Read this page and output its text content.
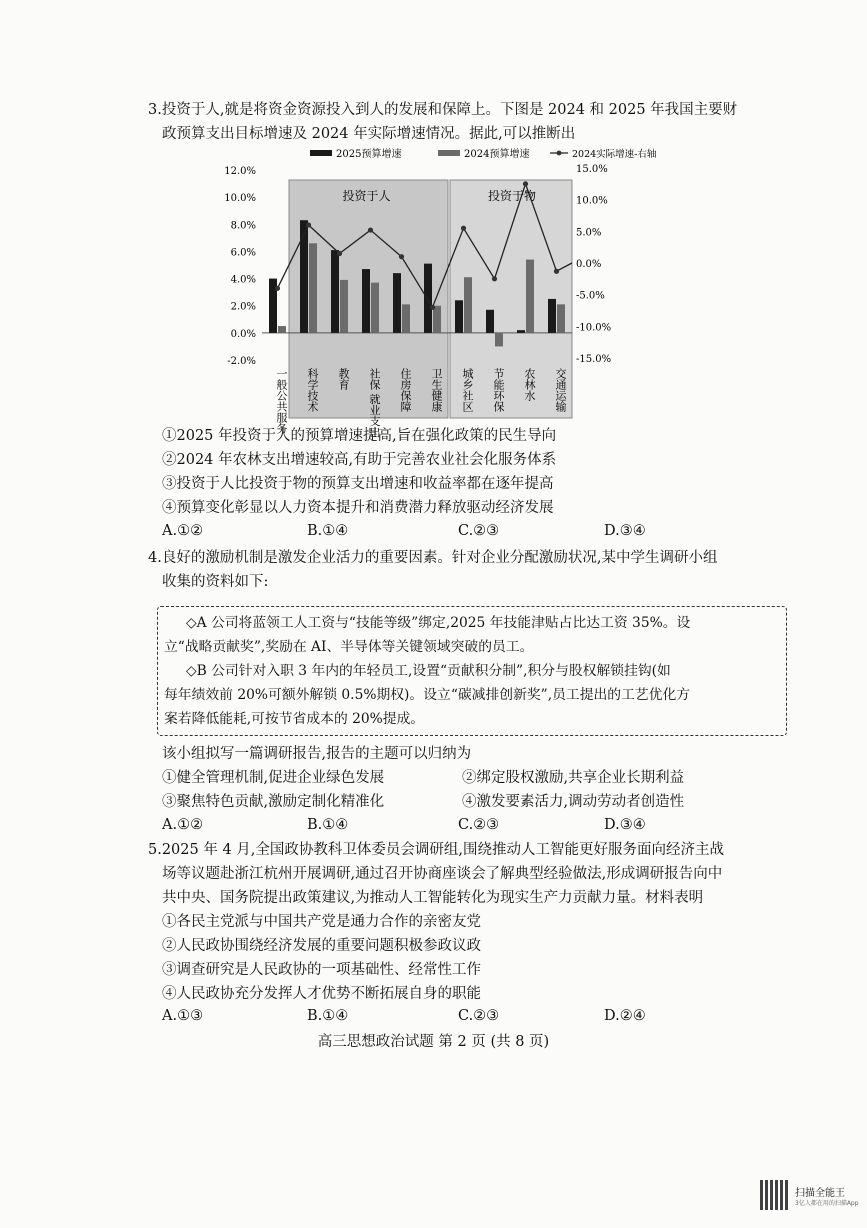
3.投资于人,就是将资金资源投入到人的发展和保障上。下图是 2024 和 2025 年我国主要财
政预算支出目标增速及 2024 年实际增速情况。据此,可以推断出
12.0%
10.0%
8.0%
6.0%
4.0%
2.0%
0.0%
-2.0%
15.0%
10.0%
5.0%
0.0%
-5.0%
-10.0%
-15.0%
投资于人	投资于物
一般公共服务 科学技术 教育 社保 就业支出 住房保障 卫生健康 城乡社区 节能环保 农林水 交通运输
2025预算增速	2024预算增速	2024实际增速-右轴
①2025 年投资于人的预算增速提高,旨在强化政策的民生导向
②2024 年农林支出增速较高,有助于完善农业社会化服务体系
③投资于人比投资于物的预算支出增速和收益率都在逐年提高
④预算变化彰显以人力资本提升和消费潜力释放驱动经济发展
A.①②	B.①④	C.②③	D.③④
4.良好的激励机制是激发企业活力的重要因素。针对企业分配激励状况,某中学生调研小组
收集的资料如下:
◇A 公司将蓝领工人工资与“技能等级”绑定,2025 年技能津贴占比达工资 35%。设
立“战略贡献奖”,奖励在 AI、半导体等关键领域突破的员工。
◇B 公司针对入职 3 年内的年轻员工,设置“贡献积分制”,积分与股权解锁挂钩(如
每年绩效前 20%可额外解锁 0.5%期权)。设立“碳减排创新奖”,员工提出的工艺优化方
案若降低能耗,可按节省成本的 20%提成。
该小组拟写一篇调研报告,报告的主题可以归纳为
①健全管理机制,促进企业绿色发展	②绑定股权激励,共享企业长期利益
③聚焦特色贡献,激励定制化精准化	④激发要素活力,调动劳动者创造性
A.①②	B.①④	C.②③	D.③④
5.2025 年 4 月,全国政协教科卫体委员会调研组,围绕推动人工智能更好服务面向经济主战
场等议题赴浙江杭州开展调研,通过召开协商座谈会了解典型经验做法,形成调研报告向中
共中央、国务院提出政策建议,为推动人工智能转化为现实生产力贡献力量。材料表明
①各民主党派与中国共产党是通力合作的亲密友党
②人民政协围绕经济发展的重要问题积极参政议政
③调查研究是人民政协的一项基础性、经常性工作
④人民政协充分发挥人才优势不断拓展自身的职能
A.①③	B.①④	C.②③	D.②④
高三思想政治试题 第 2 页 (共 8 页)
扫描全能王
3亿人都在用的扫描App
